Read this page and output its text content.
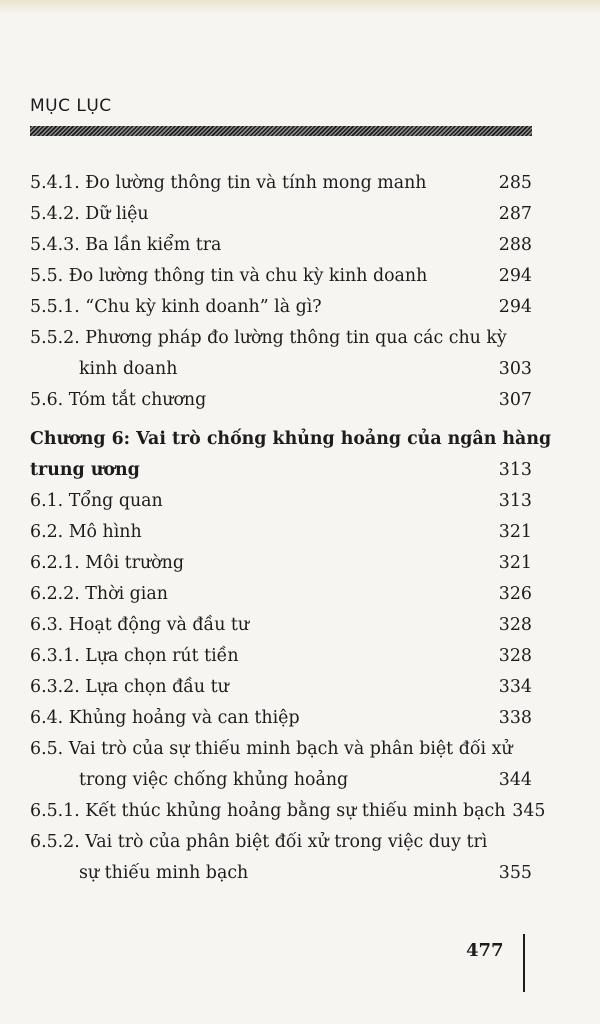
MỤC LỤC
5.4.1. Đo lường thông tin và tính mong manh	285
5.4.2. Dữ liệu	287
5.4.3. Ba lần kiểm tra	288
5.5. Đo lường thông tin và chu kỳ kinh doanh	294
5.5.1. “Chu kỳ kinh doanh” là gì?	294
5.5.2. Phương pháp đo lường thông tin qua các chu kỳ
kinh doanh	303
5.6. Tóm tắt chương	307
Chương 6: Vai trò chống khủng hoảng của ngân hàng
trung ương	313
6.1. Tổng quan	313
6.2. Mô hình	321
6.2.1. Môi trường	321
6.2.2. Thời gian	326
6.3. Hoạt động và đầu tư	328
6.3.1. Lựa chọn rút tiền	328
6.3.2. Lựa chọn đầu tư	334
6.4. Khủng hoảng và can thiệp	338
6.5. Vai trò của sự thiếu minh bạch và phân biệt đối xử
trong việc chống khủng hoảng	344
6.5.1. Kết thúc khủng hoảng bằng sự thiếu minh bạch 345
6.5.2. Vai trò của phân biệt đối xử trong việc duy trì
sự thiếu minh bạch	355
477
